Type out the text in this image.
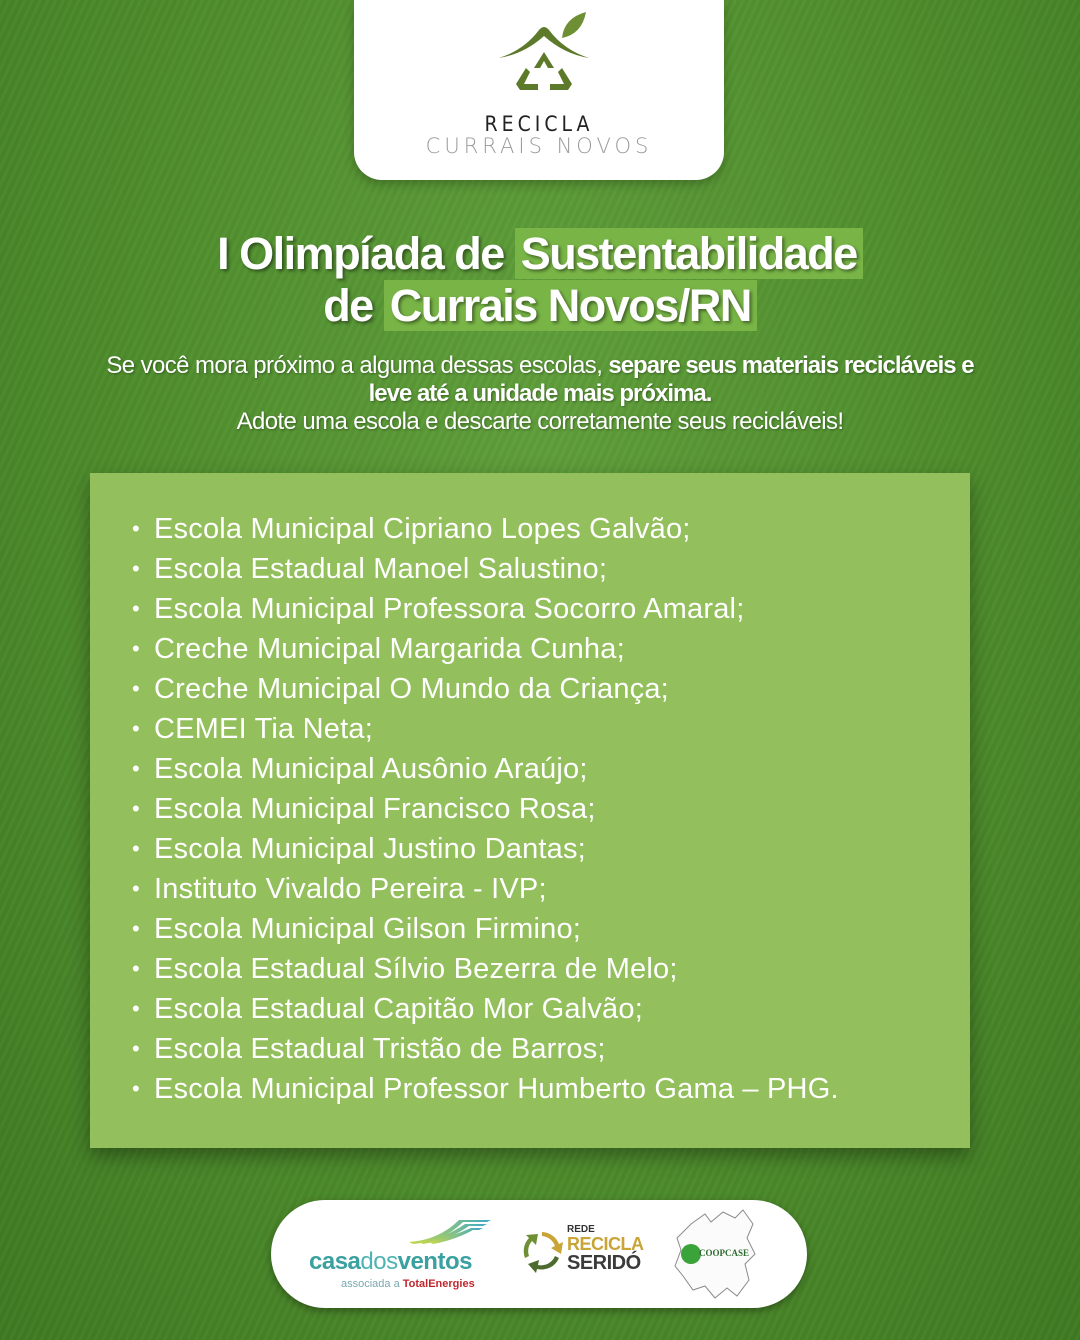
RECICLA
CURRAIS NOVOS
I Olimpíada de Sustentabilidade
de Currais Novos/RN
Se você mora próximo a alguma dessas escolas, separe seus materiais recicláveis e leve até a unidade mais próxima.
Adote uma escola e descarte corretamente seus recicláveis!
• Escola Municipal Cipriano Lopes Galvão;
• Escola Estadual Manoel Salustino;
• Escola Municipal Professora Socorro Amaral;
• Creche Municipal Margarida Cunha;
• Creche Municipal O Mundo da Criança;
• CEMEI Tia Neta;
• Escola Municipal Ausônio Araújo;
• Escola Municipal Francisco Rosa;
• Escola Municipal Justino Dantas;
• Instituto Vivaldo Pereira - IVP;
• Escola Municipal Gilson Firmino;
• Escola Estadual Sílvio Bezerra de Melo;
• Escola Estadual Capitão Mor Galvão;
• Escola Estadual Tristão de Barros;
• Escola Municipal Professor Humberto Gama – PHG.
casadosventos
associada a TotalEnergies
REDE
RECICLA
SERIDÓ	COOPCASE
